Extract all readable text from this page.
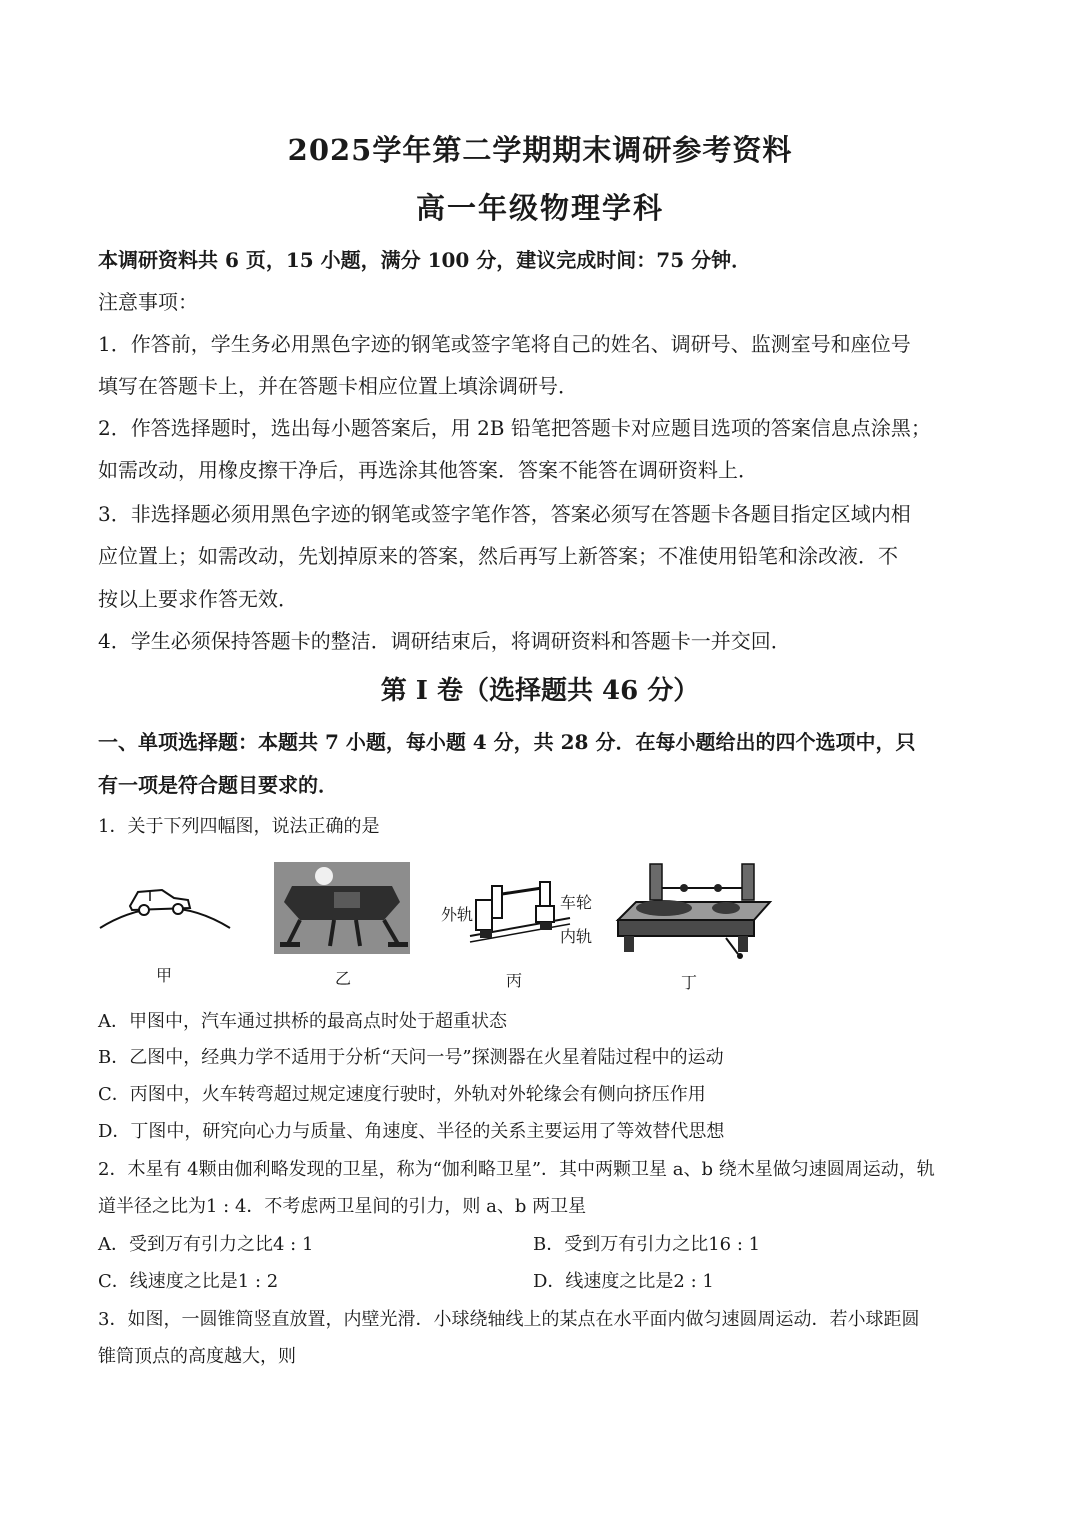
2025学年第二学期期末调研参考资料
高一年级物理学科
本调研资料共 6 页，15 小题，满分 100 分，建议完成时间：75 分钟．
注意事项：
1．作答前，学生务必用黑色字迹的钢笔或签字笔将自己的姓名、调研号、监测室号和座位号
填写在答题卡上，并在答题卡相应位置上填涂调研号．
2．作答选择题时，选出每小题答案后，用 2B 铅笔把答题卡对应题目选项的答案信息点涂黑；
如需改动，用橡皮擦干净后，再选涂其他答案．答案不能答在调研资料上．
3．非选择题必须用黑色字迹的钢笔或签字笔作答，答案必须写在答题卡各题目指定区域内相
应位置上；如需改动，先划掉原来的答案，然后再写上新答案；不准使用铅笔和涂改液．不
按以上要求作答无效．
4．学生必须保持答题卡的整洁．调研结束后，将调研资料和答题卡一并交回．
第 Ⅰ 卷（选择题共 46 分）
一、单项选择题：本题共 7 小题，每小题 4 分，共 28 分．在每小题给出的四个选项中，只
有一项是符合题目要求的．
1．关于下列四幅图，说法正确的是
甲	乙
外轨
车轮
内轨
丙	丁
A．甲图中，汽车通过拱桥的最高点时处于超重状态
B．乙图中，经典力学不适用于分析“天问一号”探测器在火星着陆过程中的运动
C．丙图中，火车转弯超过规定速度行驶时，外轨对外轮缘会有侧向挤压作用
D．丁图中，研究向心力与质量、角速度、半径的关系主要运用了等效替代思想
2．木星有 4颗由伽利略发现的卫星，称为“伽利略卫星”．其中两颗卫星 a、b 绕木星做匀速圆周运动，轨
道半径之比为1 : 4．不考虑两卫星间的引力，则 a、b 两卫星
A．受到万有引力之比4 : 1	B．受到万有引力之比16 : 1
C．线速度之比是1 : 2	D．线速度之比是2 : 1
3．如图，一圆锥筒竖直放置，内壁光滑．小球绕轴线上的某点在水平面内做匀速圆周运动．若小球距圆
锥筒顶点的高度越大，则
